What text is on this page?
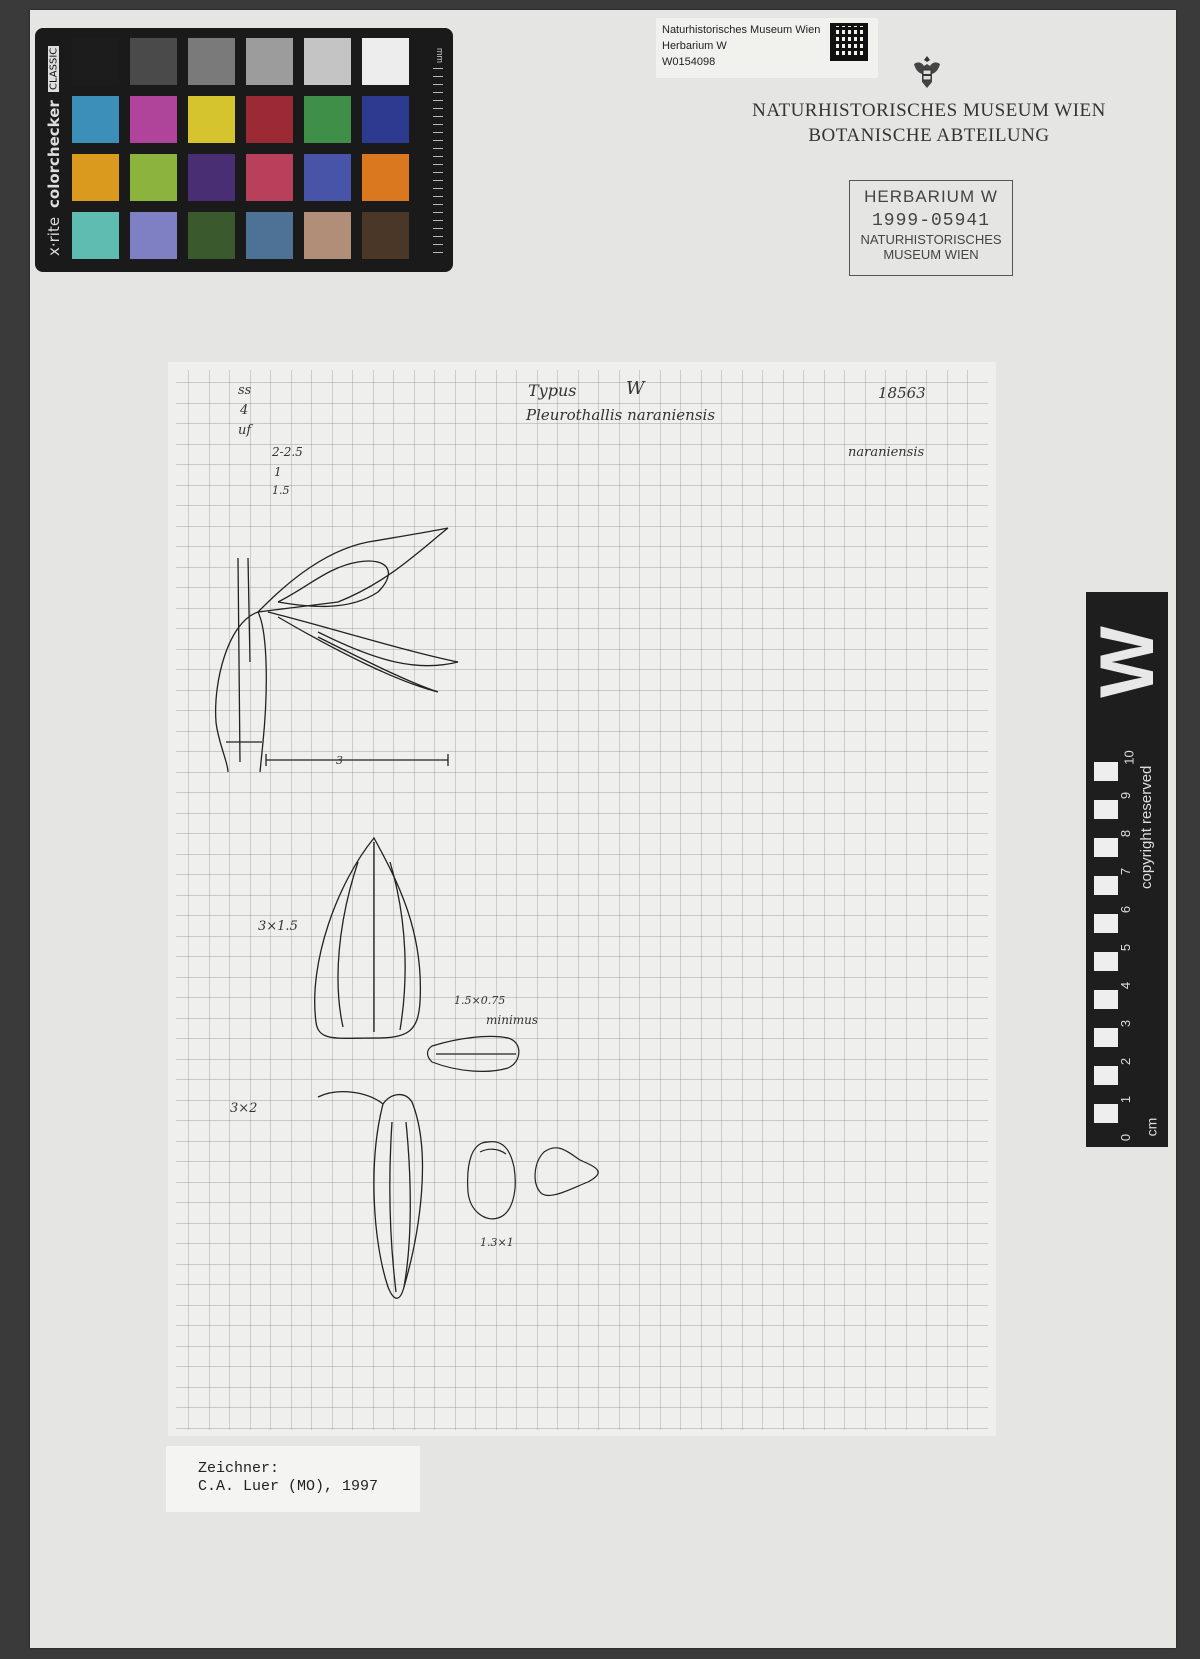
x·rite
colorchecker
CLASSIC	mm
Naturhistorisches Museum Wien
Herbarium W
W0154098
NATURHISTORISCHES MUSEUM WIEN
BOTANISCHE ABTEILUNG
HERBARIUM W
1999-05941
NATURHISTORISCHES
MUSEUM WIEN
ss
4
uf
2-2.5
1
1.5
Typus	W	18563
Pleurothallis naraniensis
naraniensis
3
3×1.5
1.5×0.75
minimus
3×2
1.3×1
Zeichner:
C.A. Luer (MO), 1997
W
copyright reserved
0
1
2
3
4
5
6
7
8
9
10
cm
